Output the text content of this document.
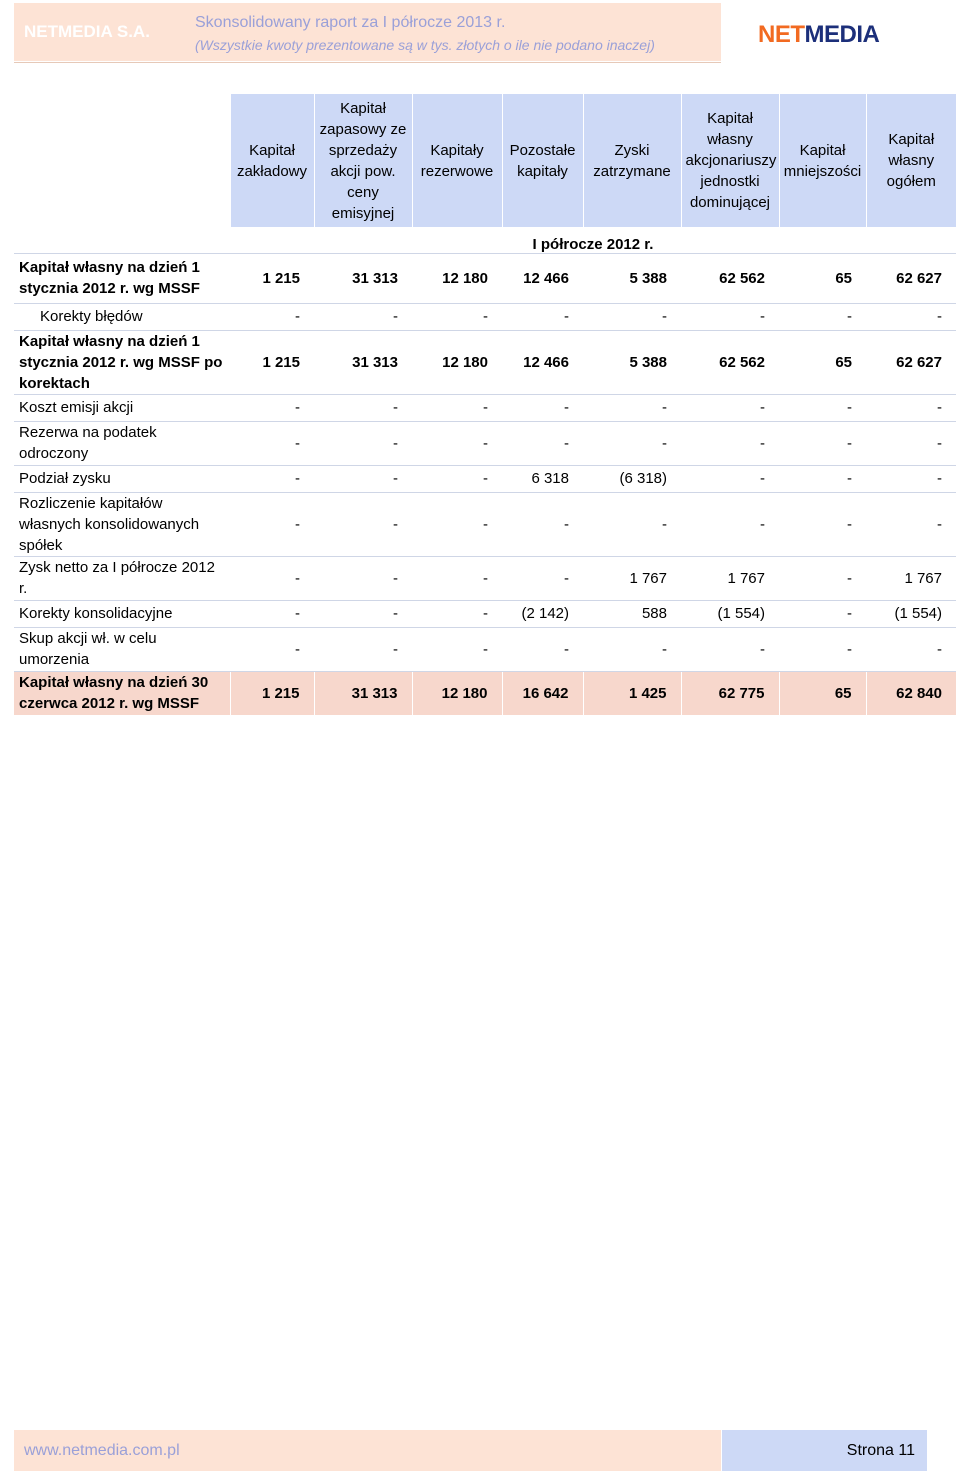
NETMEDIA S.A.	Skonsolidowany raport za I półrocze 2013 r.
(Wszystkie kwoty prezentowane są w tys. złotych o ile nie podano inaczej)	NETMEDIA
	Kapitał zakładowy	Kapitał zapasowy ze sprzedaży akcji pow. ceny emisyjnej	Kapitały rezerwowe	Pozostałe kapitały	Zyski zatrzymane	Kapitał własny akcjonariuszy jednostki dominującej	Kapitał mniejszości	Kapitał własny ogółem
	I półrocze 2012 r.							
Kapitał własny na dzień 1 stycznia 2012 r. wg MSSF	1 215	31 313	12 180	12 466	5 388	62 562	65	62 627
Korekty błędów	-	-	-	-	-	-	-	-
Kapitał własny na dzień 1 stycznia 2012 r. wg MSSF po korektach	1 215	31 313	12 180	12 466	5 388	62 562	65	62 627
Koszt emisji akcji	-	-	-	-	-	-	-	-
Rezerwa na podatek odroczony	-	-	-	-	-	-	-	-
Podział zysku	-	-	-	6 318	(6 318)	-	-	-
Rozliczenie kapitałów własnych konsolidowanych spółek	-	-	-	-	-	-	-	-
Zysk netto za I półrocze 2012 r.	-	-	-	-	1 767	1 767	-	1 767
Korekty konsolidacyjne	-	-	-	(2 142)	588	(1 554)	-	(1 554)
Skup akcji wł. w celu umorzenia	-	-	-	-	-	-	-	-
Kapitał własny na dzień 30 czerwca 2012 r. wg MSSF	1 215	31 313	12 180	16 642	1 425	62 775	65	62 840
www.netmedia.com.pl	Strona 11
